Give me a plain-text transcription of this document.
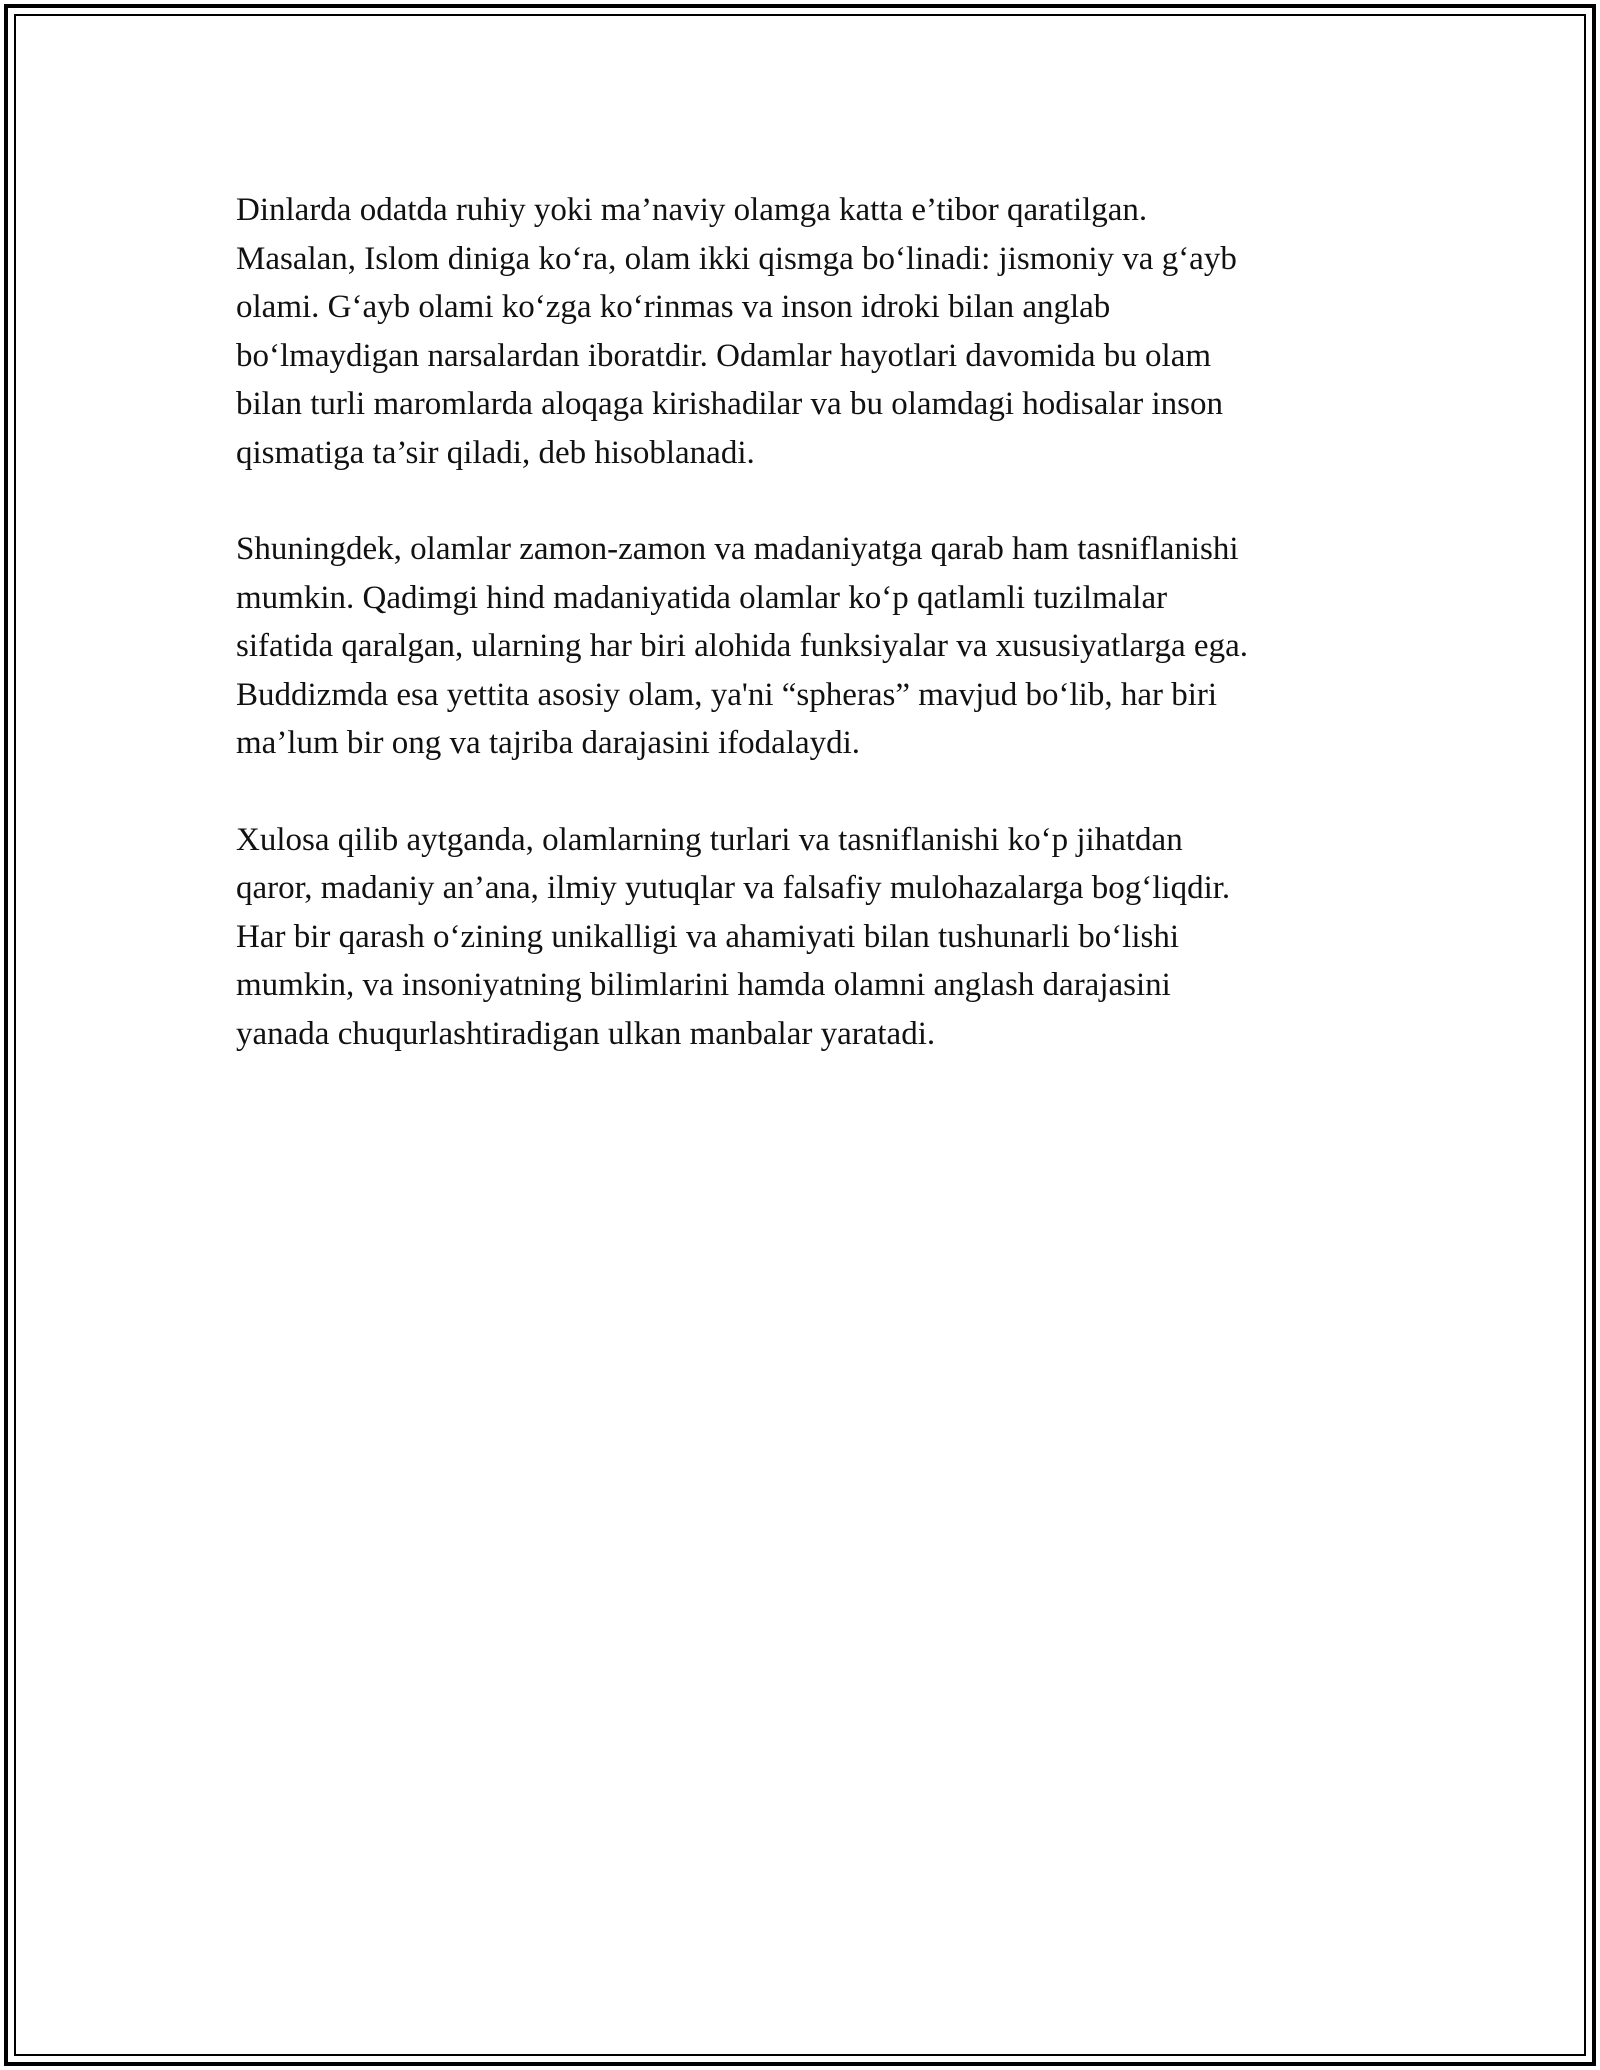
Dinlarda odatda ruhiy yoki ma’naviy olamga katta e’tibor qaratilgan.
Masalan, Islom diniga ko‘ra, olam ikki qismga bo‘linadi: jismoniy va g‘ayb
olami. G‘ayb olami ko‘zga ko‘rinmas va inson idroki bilan anglab
bo‘lmaydigan narsalardan iboratdir. Odamlar hayotlari davomida bu olam
bilan turli maromlarda aloqaga kirishadilar va bu olamdagi hodisalar inson
qismatiga ta’sir qiladi, deb hisoblanadi.

Shuningdek, olamlar zamon-zamon va madaniyatga qarab ham tasniflanishi
mumkin. Qadimgi hind madaniyatida olamlar ko‘p qatlamli tuzilmalar
sifatida qaralgan, ularning har biri alohida funksiyalar va xususiyatlarga ega.
Buddizmda esa yettita asosiy olam, ya'ni “spheras” mavjud bo‘lib, har biri
ma’lum bir ong va tajriba darajasini ifodalaydi.

Xulosa qilib aytganda, olamlarning turlari va tasniflanishi ko‘p jihatdan
qaror, madaniy an’ana, ilmiy yutuqlar va falsafiy mulohazalarga bog‘liqdir.
Har bir qarash o‘zining unikalligi va ahamiyati bilan tushunarli bo‘lishi
mumkin, va insoniyatning bilimlarini hamda olamni anglash darajasini
yanada chuqurlashtiradigan ulkan manbalar yaratadi.
